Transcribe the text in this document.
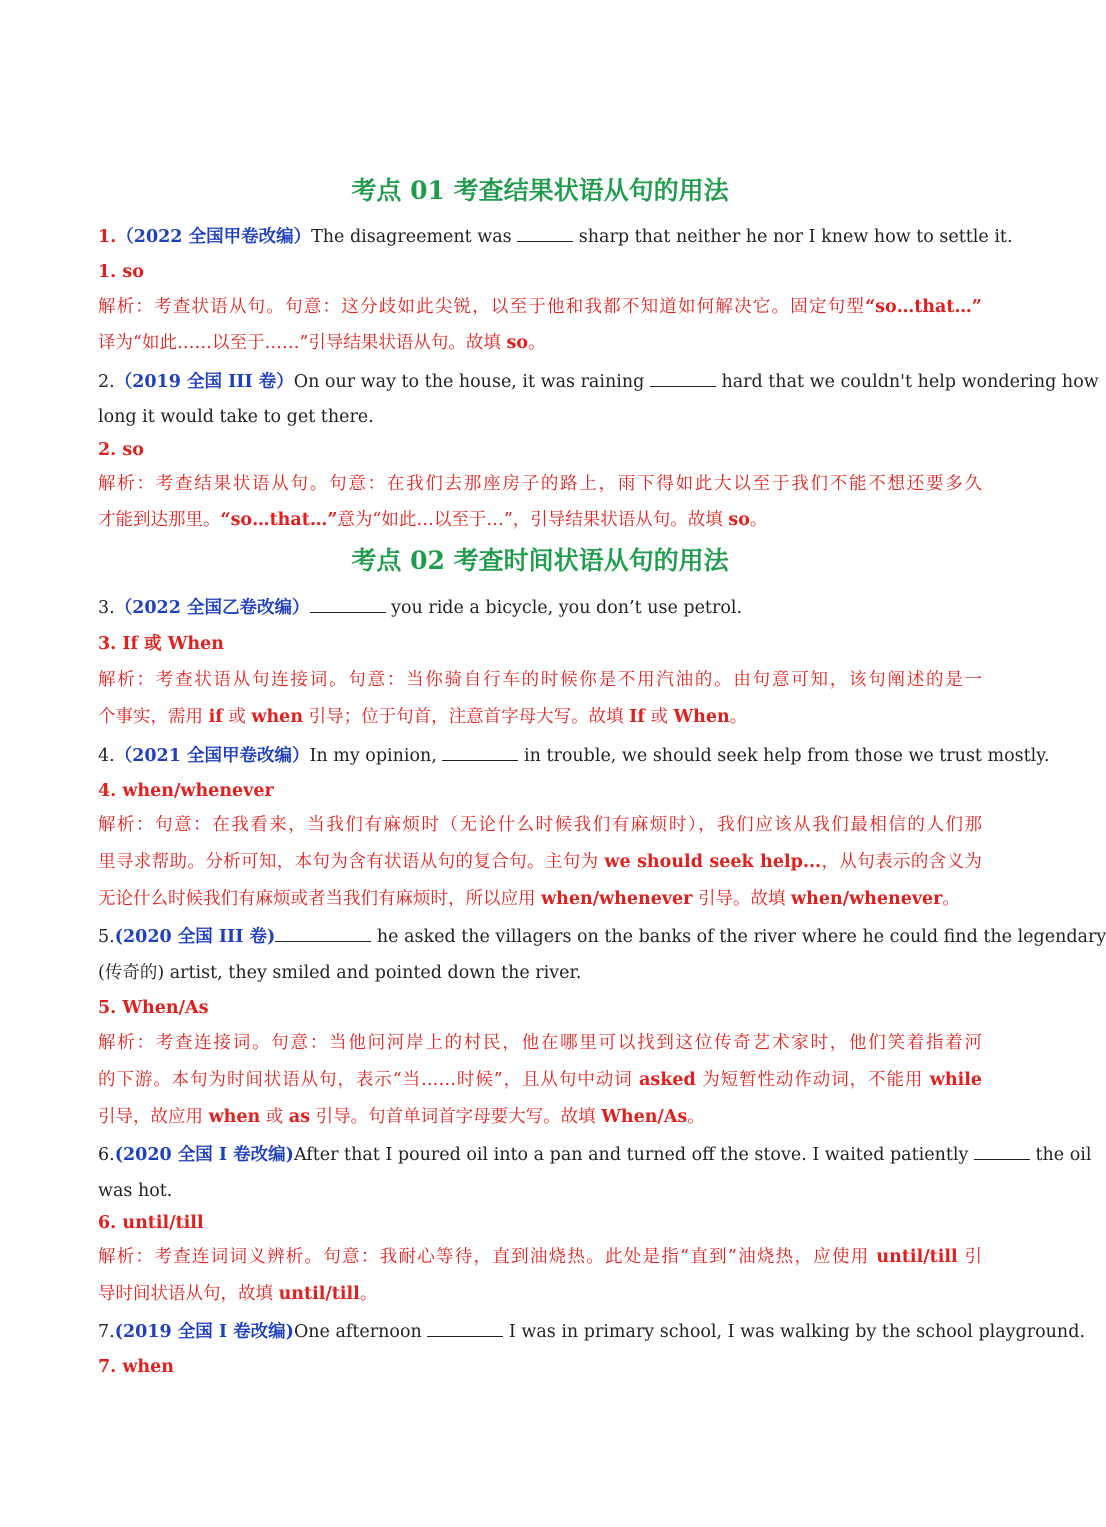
考点 01 考查结果状语从句的用法
1.（2022 全国甲卷改编）The disagreement was	sharp that neither he nor I knew how to settle it.
1. so
解析：考查状语从句。句意：这分歧如此尖锐，以至于他和我都不知道如何解决它。固定句型“so…that…”
译为“如此……以至于……”引导结果状语从句。故填 so。
2.（2019 全国 III 卷）On our way to the house, it was raining	hard that we couldn't help wondering how
long it would take to get there.
2. so
解析：考查结果状语从句。句意：在我们去那座房子的路上，雨下得如此大以至于我们不能不想还要多久
才能到达那里。“so…that…”意为“如此…以至于…”，引导结果状语从句。故填 so。
考点 02 考查时间状语从句的用法
3.（2022 全国乙卷改编）	you ride a bicycle, you don’t use petrol.
3. If 或 When
解析：考查状语从句连接词。句意：当你骑自行车的时候你是不用汽油的。由句意可知，该句阐述的是一
个事实，需用 if 或 when 引导；位于句首，注意首字母大写。故填 If 或 When。
4.（2021 全国甲卷改编）In my opinion,	in trouble, we should seek help from those we trust mostly.
4. when/whenever
解析：句意：在我看来，当我们有麻烦时（无论什么时候我们有麻烦时），我们应该从我们最相信的人们那
里寻求帮助。分析可知，本句为含有状语从句的复合句。主句为 we should seek help...，从句表示的含义为
无论什么时候我们有麻烦或者当我们有麻烦时，所以应用 when/whenever 引导。故填 when/whenever。
5.(2020 全国 III 卷)	he asked the villagers on the banks of the river where he could find the legendary
(传奇的) artist, they smiled and pointed down the river.
5. When/As
解析：考查连接词。句意：当他问河岸上的村民，他在哪里可以找到这位传奇艺术家时，他们笑着指着河
的下游。本句为时间状语从句，表示“当……时候”，且从句中动词 asked 为短暂性动作动词，不能用 while
引导，故应用 when 或 as 引导。句首单词首字母要大写。故填 When/As。
6.(2020 全国 I 卷改编)After that I poured oil into a pan and turned off the stove. I waited patiently	the oil
was hot.
6. until/till
解析：考查连词词义辨析。句意：我耐心等待，直到油烧热。此处是指“直到”油烧热，应使用 until/till 引
导时间状语从句，故填 until/till。
7.(2019 全国 I 卷改编)One afternoon	I was in primary school, I was walking by the school playground.
7. when
